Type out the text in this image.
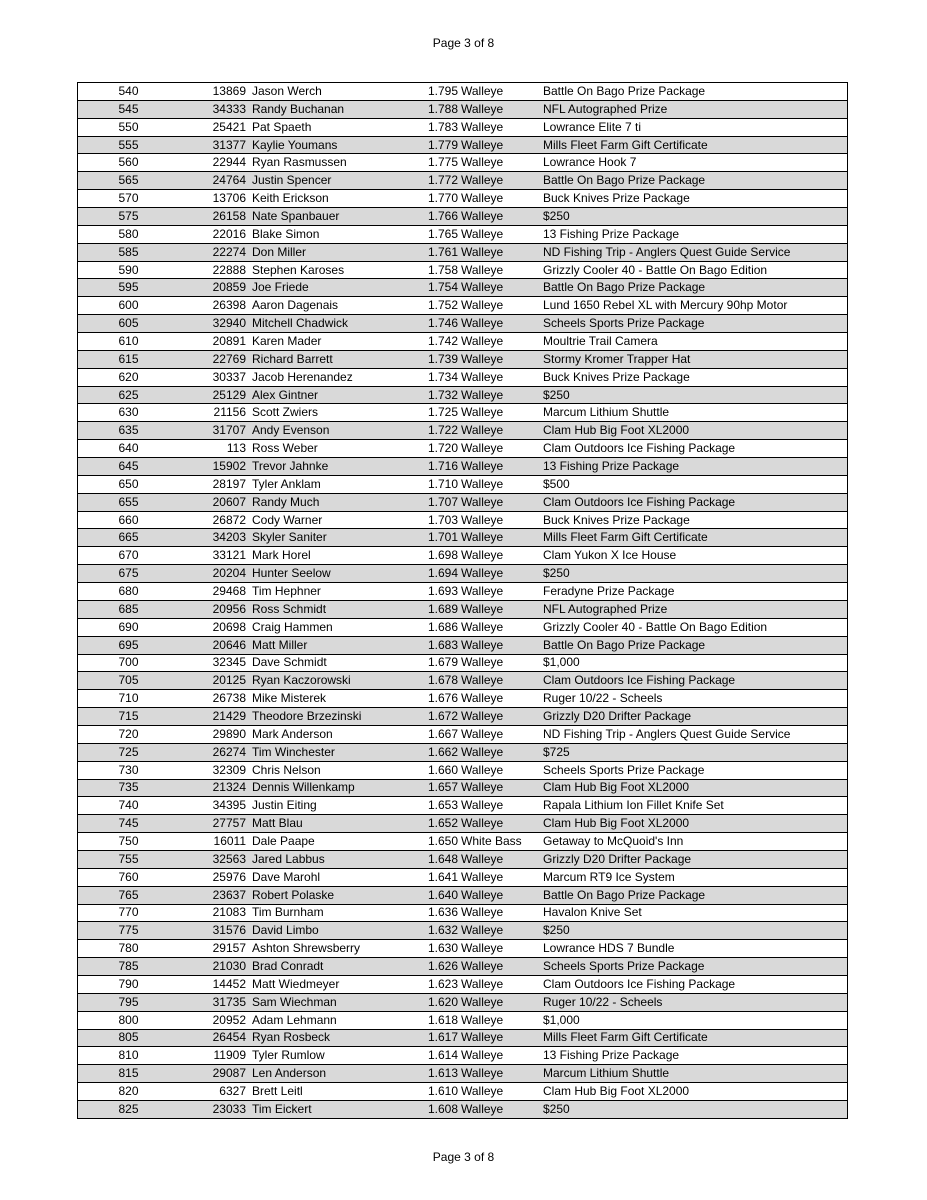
Page 3 of 8
540	13869	Jason Werch	1.795	Walleye	Battle On Bago Prize Package
545	34333	Randy Buchanan	1.788	Walleye	NFL Autographed Prize
550	25421	Pat Spaeth	1.783	Walleye	Lowrance Elite 7 ti
555	31377	Kaylie Youmans	1.779	Walleye	Mills Fleet Farm Gift Certificate
560	22944	Ryan Rasmussen	1.775	Walleye	Lowrance Hook 7
565	24764	Justin Spencer	1.772	Walleye	Battle On Bago Prize Package
570	13706	Keith Erickson	1.770	Walleye	Buck Knives Prize Package
575	26158	Nate Spanbauer	1.766	Walleye	$250
580	22016	Blake Simon	1.765	Walleye	13 Fishing Prize Package
585	22274	Don Miller	1.761	Walleye	ND Fishing Trip - Anglers Quest Guide Service
590	22888	Stephen Karoses	1.758	Walleye	Grizzly Cooler 40 - Battle On Bago Edition
595	20859	Joe Friede	1.754	Walleye	Battle On Bago Prize Package
600	26398	Aaron Dagenais	1.752	Walleye	Lund 1650 Rebel XL with Mercury 90hp Motor
605	32940	Mitchell Chadwick	1.746	Walleye	Scheels Sports Prize Package
610	20891	Karen Mader	1.742	Walleye	Moultrie Trail Camera
615	22769	Richard Barrett	1.739	Walleye	Stormy Kromer Trapper Hat
620	30337	Jacob Herenandez	1.734	Walleye	Buck Knives Prize Package
625	25129	Alex Gintner	1.732	Walleye	$250
630	21156	Scott Zwiers	1.725	Walleye	Marcum Lithium Shuttle
635	31707	Andy Evenson	1.722	Walleye	Clam Hub Big Foot XL2000
640	113	Ross Weber	1.720	Walleye	Clam Outdoors Ice Fishing Package
645	15902	Trevor Jahnke	1.716	Walleye	13 Fishing Prize Package
650	28197	Tyler Anklam	1.710	Walleye	$500
655	20607	Randy Much	1.707	Walleye	Clam Outdoors Ice Fishing Package
660	26872	Cody Warner	1.703	Walleye	Buck Knives Prize Package
665	34203	Skyler Saniter	1.701	Walleye	Mills Fleet Farm Gift Certificate
670	33121	Mark Horel	1.698	Walleye	Clam Yukon X Ice House
675	20204	Hunter Seelow	1.694	Walleye	$250
680	29468	Tim Hephner	1.693	Walleye	Feradyne Prize Package
685	20956	Ross Schmidt	1.689	Walleye	NFL Autographed Prize
690	20698	Craig Hammen	1.686	Walleye	Grizzly Cooler 40 - Battle On Bago Edition
695	20646	Matt Miller	1.683	Walleye	Battle On Bago Prize Package
700	32345	Dave Schmidt	1.679	Walleye	$1,000
705	20125	Ryan Kaczorowski	1.678	Walleye	Clam Outdoors Ice Fishing Package
710	26738	Mike Misterek	1.676	Walleye	Ruger 10/22 - Scheels
715	21429	Theodore Brzezinski	1.672	Walleye	Grizzly D20 Drifter Package
720	29890	Mark Anderson	1.667	Walleye	ND Fishing Trip - Anglers Quest Guide Service
725	26274	Tim Winchester	1.662	Walleye	$725
730	32309	Chris Nelson	1.660	Walleye	Scheels Sports Prize Package
735	21324	Dennis Willenkamp	1.657	Walleye	Clam Hub Big Foot XL2000
740	34395	Justin Eiting	1.653	Walleye	Rapala Lithium Ion Fillet Knife Set
745	27757	Matt Blau	1.652	Walleye	Clam Hub Big Foot XL2000
750	16011	Dale Paape	1.650	White Bass	Getaway to McQuoid's Inn
755	32563	Jared Labbus	1.648	Walleye	Grizzly D20 Drifter Package
760	25976	Dave Marohl	1.641	Walleye	Marcum RT9 Ice System
765	23637	Robert Polaske	1.640	Walleye	Battle On Bago Prize Package
770	21083	Tim Burnham	1.636	Walleye	Havalon Knive Set
775	31576	David Limbo	1.632	Walleye	$250
780	29157	Ashton Shrewsberry	1.630	Walleye	Lowrance HDS 7 Bundle
785	21030	Brad Conradt	1.626	Walleye	Scheels Sports Prize Package
790	14452	Matt Wiedmeyer	1.623	Walleye	Clam Outdoors Ice Fishing Package
795	31735	Sam Wiechman	1.620	Walleye	Ruger 10/22 - Scheels
800	20952	Adam Lehmann	1.618	Walleye	$1,000
805	26454	Ryan Rosbeck	1.617	Walleye	Mills Fleet Farm Gift Certificate
810	11909	Tyler Rumlow	1.614	Walleye	13 Fishing Prize Package
815	29087	Len Anderson	1.613	Walleye	Marcum Lithium Shuttle
820	6327	Brett Leitl	1.610	Walleye	Clam Hub Big Foot XL2000
825	23033	Tim Eickert	1.608	Walleye	$250
Page 3 of 8
